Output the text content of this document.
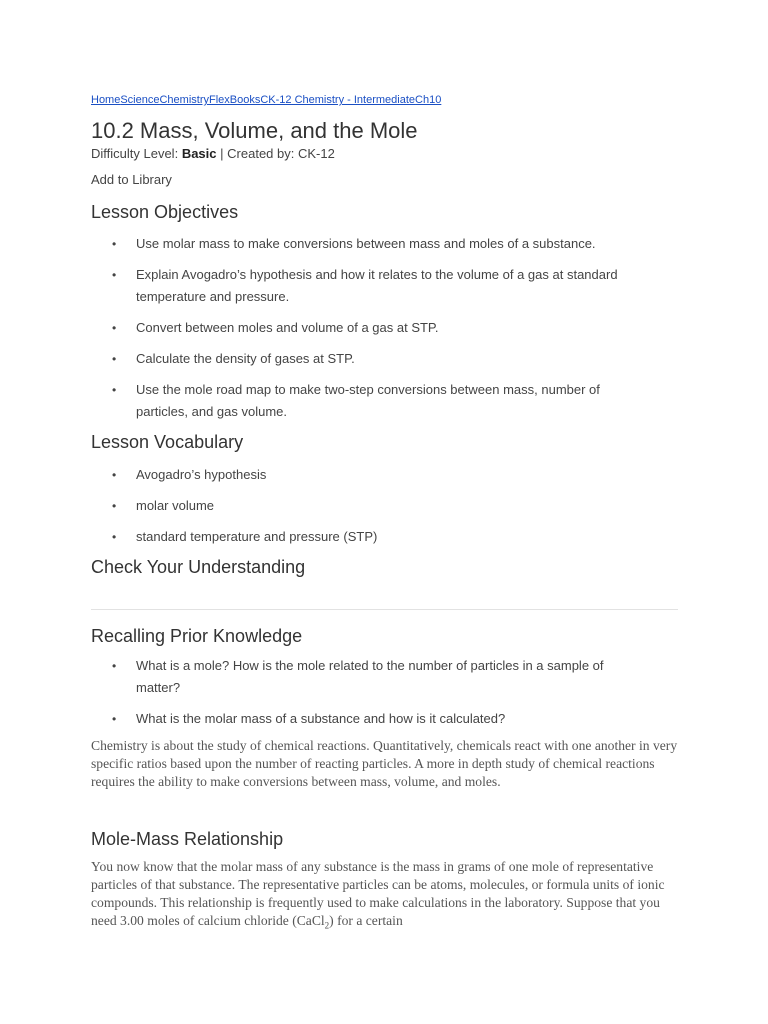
HomeScienceChemistryFlexBooksCK-12 Chemistry - IntermediateCh10
10.2 Mass, Volume, and the Mole
Difficulty Level: Basic | Created by: CK-12
Add to Library
Lesson Objectives
• Use molar mass to make conversions between mass and moles of a substance.
• Explain Avogadro’s hypothesis and how it relates to the volume of a gas at standard temperature and pressure.
• Convert between moles and volume of a gas at STP.
• Calculate the density of gases at STP.
• Use the mole road map to make two-step conversions between mass, number of particles, and gas volume.
Lesson Vocabulary
• Avogadro’s hypothesis
• molar volume
• standard temperature and pressure (STP)
Check Your Understanding
Recalling Prior Knowledge
• What is a mole? How is the mole related to the number of particles in a sample of matter?
• What is the molar mass of a substance and how is it calculated?

Chemistry is about the study of chemical reactions. Quantitatively, chemicals react with one another in very specific ratios based upon the number of reacting particles. A more in depth study of chemical reactions requires the ability to make conversions between mass, volume, and moles.

Mole-Mass Relationship

You now know that the molar mass of any substance is the mass in grams of one mole of representative particles of that substance. The representative particles can be atoms, molecules, or formula units of ionic compounds. This relationship is frequently used to make calculations in the laboratory. Suppose that you need 3.00 moles of calcium chloride (CaCl$_2$) for a certain
